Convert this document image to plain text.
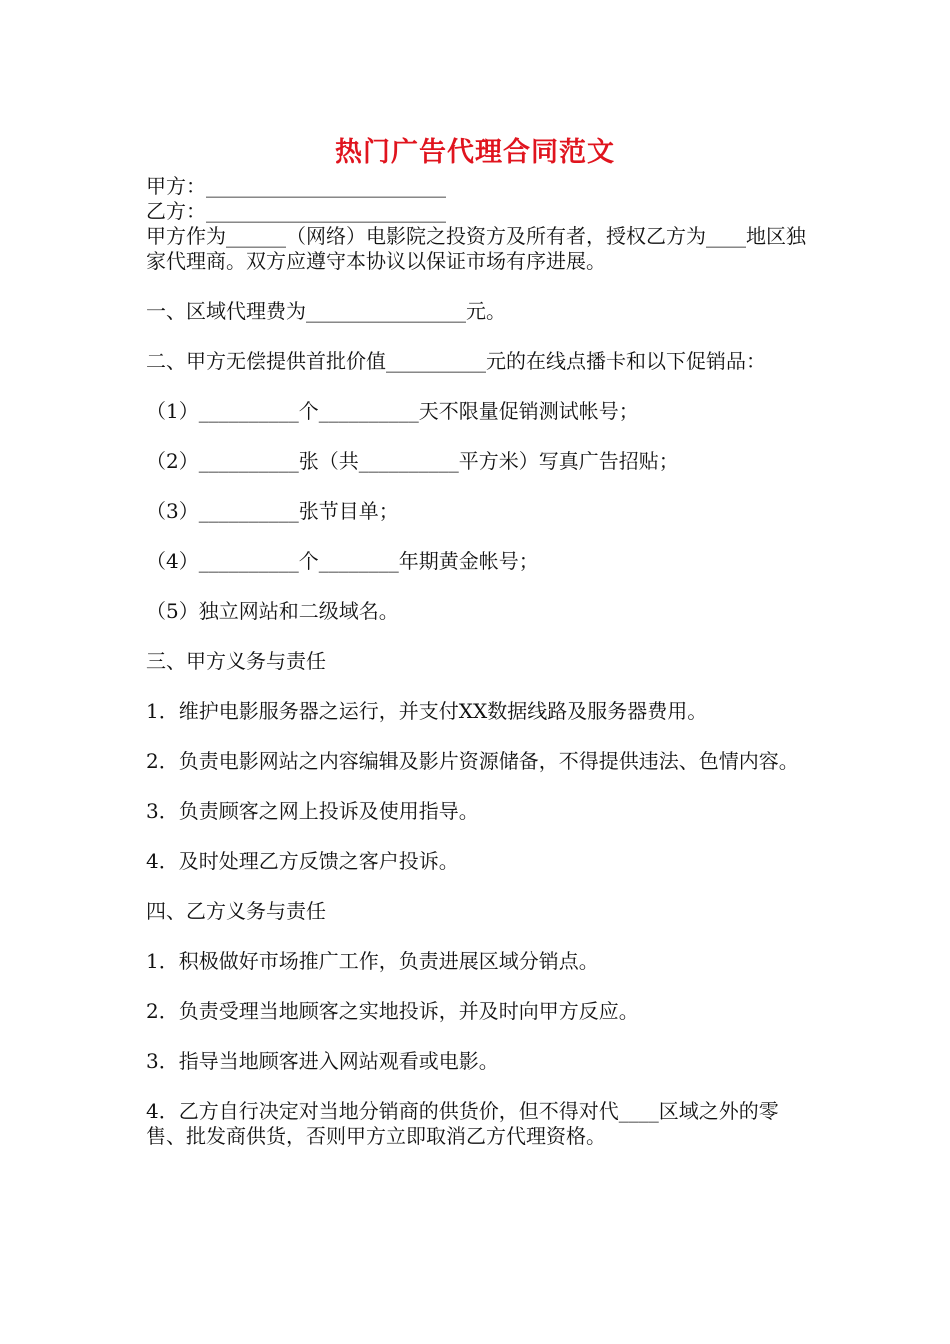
热门广告代理合同范文

甲方：________________________

乙方：________________________

甲方作为______（网络）电影院之投资方及所有者，授权乙方为____地区独家代理商。双方应遵守本协议以保证市场有序进展。

一、区域代理费为________________元。

二、甲方无偿提供首批价值__________元的在线点播卡和以下促销品：

（1）__________个__________天不限量促销测试帐号；

（2）__________张（共__________平方米）写真广告招贴；

（3）__________张节目单；

（4）__________个________年期黄金帐号；

（5）独立网站和二级域名。

三、甲方义务与责任

1．维护电影服务器之运行，并支付XX数据线路及服务器费用。

2．负责电影网站之内容编辑及影片资源储备，不得提供违法、色情内容。

3．负责顾客之网上投诉及使用指导。

4．及时处理乙方反馈之客户投诉。

四、乙方义务与责任

1．积极做好市场推广工作，负责进展区域分销点。

2．负责受理当地顾客之实地投诉，并及时向甲方反应。

3．指导当地顾客进入网站观看或电影。

4．乙方自行决定对当地分销商的供货价，但不得对代____区域之外的零售、批发商供货，否则甲方立即取消乙方代理资格。
